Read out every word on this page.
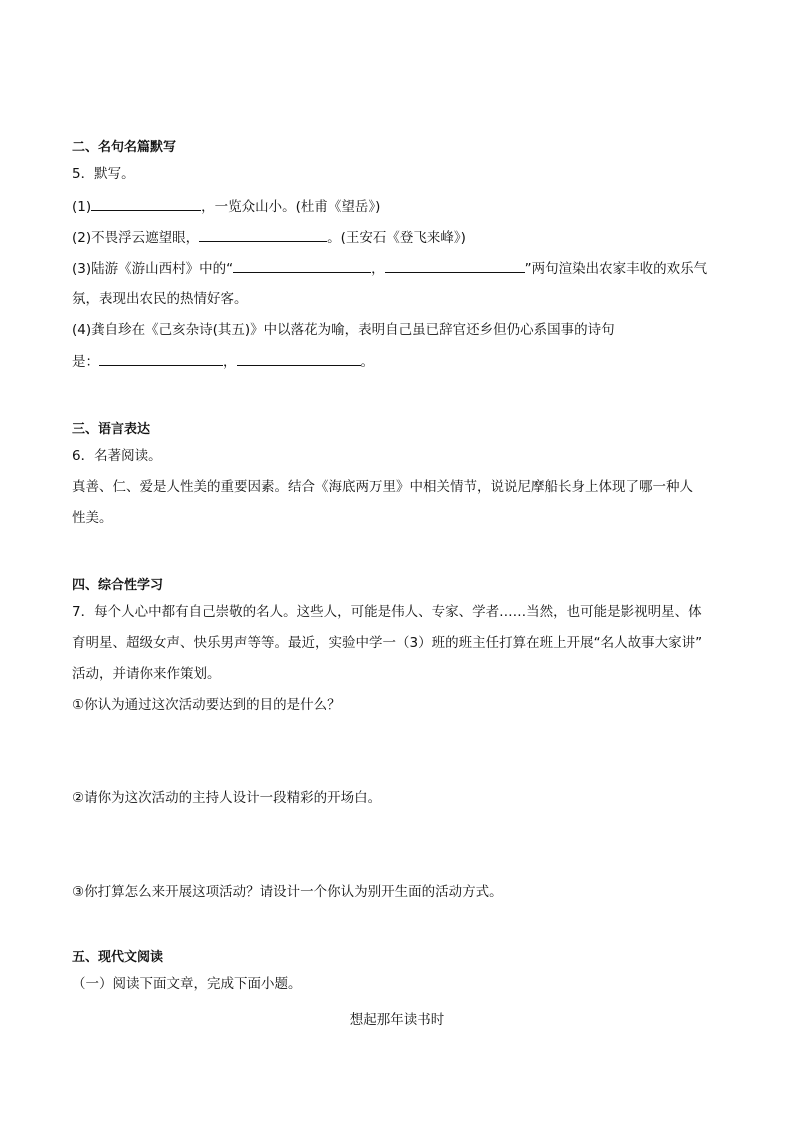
二、名句名篇默写
5．默写。
(1)	，一览众山小。(杜甫《望岳》)
(2)不畏浮云遮望眼，	。(王安石《登飞来峰》)
(3)陆游《游山西村》中的“	，	”两句渲染出农家丰收的欢乐气
氛，表现出农民的热情好客。
(4)龚自珍在《己亥杂诗(其五)》中以落花为喻，表明自己虽已辞官还乡但仍心系国事的诗句
是：	，	。
三、语言表达
6．名著阅读。
真善、仁、爱是人性美的重要因素。结合《海底两万里》中相关情节，说说尼摩船长身上体现了哪一种人
性美。
四、综合性学习
7．每个人心中都有自己崇敬的名人。这些人，可能是伟人、专家、学者……当然，也可能是影视明星、体
育明星、超级女声、快乐男声等等。最近，实验中学一（3）班的班主任打算在班上开展“名人故事大家讲”
活动，并请你来作策划。
①你认为通过这次活动要达到的目的是什么？
②请你为这次活动的主持人设计一段精彩的开场白。
③你打算怎么来开展这项活动？请设计一个你认为别开生面的活动方式。
五、现代文阅读
（一）阅读下面文章，完成下面小题。
想起那年读书时
